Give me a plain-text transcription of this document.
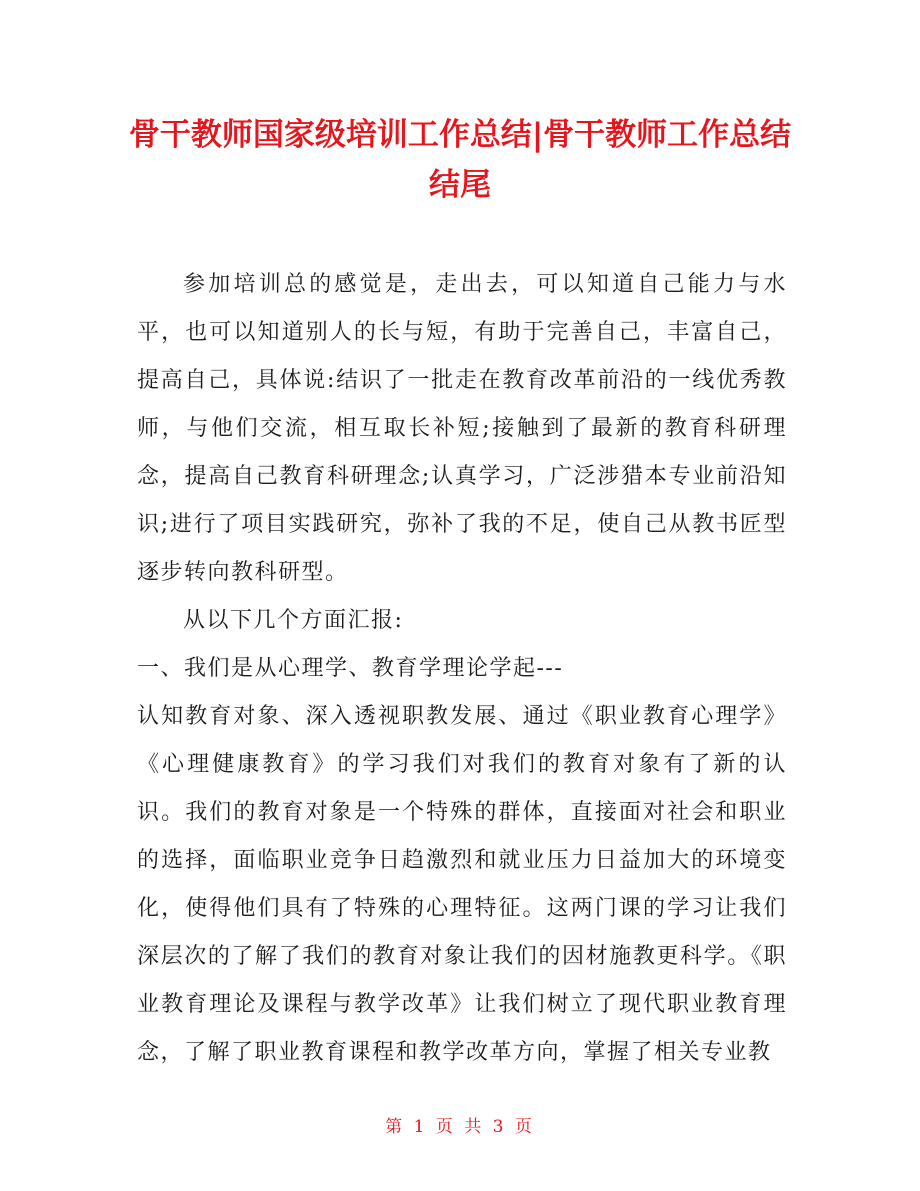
骨干教师国家级培训工作总结|骨干教师工作总结结尾

参加培训总的感觉是，走出去，可以知道自己能力与水平，也可以知道别人的长与短，有助于完善自己，丰富自己，提高自己，具体说:结识了一批走在教育改革前沿的一线优秀教师，与他们交流，相互取长补短;接触到了最新的教育科研理念，提高自己教育科研理念;认真学习，广泛涉猎本专业前沿知识;进行了项目实践研究，弥补了我的不足，使自己从教书匠型逐步转向教科研型。

从以下几个方面汇报:

一、我们是从心理学、教育学理论学起---

认知教育对象、深入透视职教发展、通过《职业教育心理学》《心理健康教育》的学习我们对我们的教育对象有了新的认识。我们的教育对象是一个特殊的群体，直接面对社会和职业的选择，面临职业竞争日趋激烈和就业压力日益加大的环境变化，使得他们具有了特殊的心理特征。这两门课的学习让我们深层次的了解了我们的教育对象让我们的因材施教更科学。《职业教育理论及课程与教学改革》让我们树立了现代职业教育理念，了解了职业教育课程和教学改革方向，掌握了相关专业教

第 1 页 共 3 页
